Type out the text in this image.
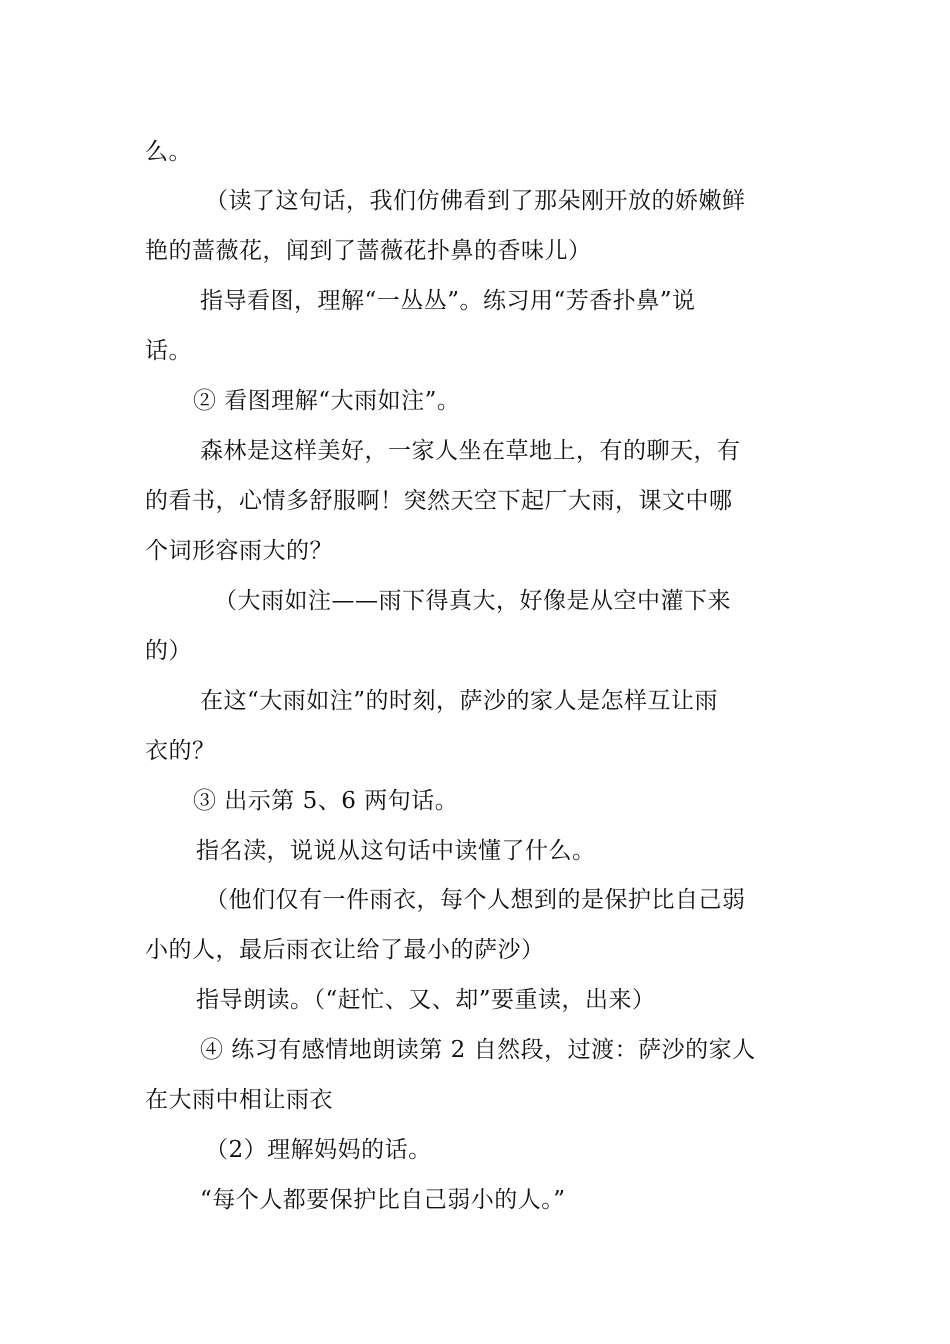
么。
（读了这句话，我们仿佛看到了那朵刚开放的娇嫩鲜
艳的蔷薇花，闻到了蔷薇花扑鼻的香味儿）
指导看图，理解“一丛丛”。练习用“芳香扑鼻”说
话。
② 看图理解“大雨如注”。
森林是这样美好，一家人坐在草地上，有的聊天，有
的看书，心情多舒服啊！突然天空下起厂大雨，课文中哪
个词形容雨大的？
（大雨如注——雨下得真大，好像是从空中灌下来
的）
在这“大雨如注”的时刻，萨沙的家人是怎样互让雨
衣的？
③ 出示第 5、6 两句话。
指名渎，说说从这句话中读懂了什么。
（他们仅有一件雨衣，每个人想到的是保护比自己弱
小的人，最后雨衣让给了最小的萨沙）
指导朗读。（“赶忙、又、却”要重读，出来）
④ 练习有感情地朗读第 2 自然段，过渡：萨沙的家人
在大雨中相让雨衣
（2）理解妈妈的话。
“每个人都要保护比自己弱小的人。”
